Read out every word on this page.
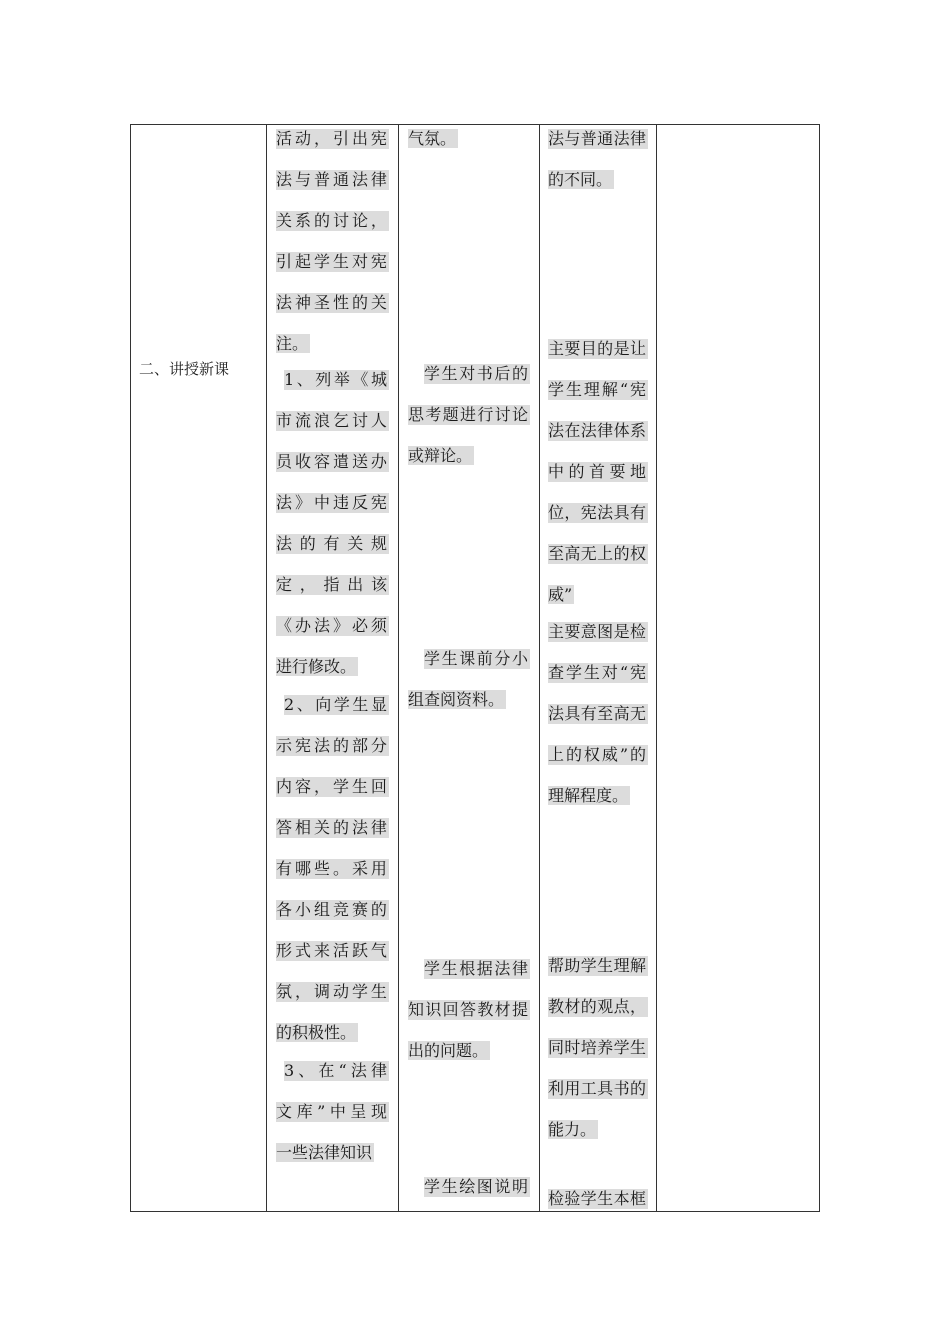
二、讲授新课
活 动 ， 引 出 宪
法 与 普 通 法 律
关 系 的 讨 论 ，
引 起 学 生 对 宪
法 神 圣 性 的 关
注。
1 、 列 举 《 城
市 流 浪 乞 讨 人
员 收 容 遣 送 办
法 》 中 违 反 宪
法 的 有 关 规
定 ， 指 出 该
《 办 法 》 必 须
进行修改。
2 、 向 学 生 显
示 宪 法 的 部 分
内 容 ， 学 生 回
答 相 关 的 法 律
有 哪 些 。 采 用
各 小 组 竞 赛 的
形 式 来 活 跃 气
氛 ， 调 动 学 生
的积极性。
3 、 在 “ 法 律
文 库 ” 中 呈 现
一些法律知识
气氛。
学 生 对 书 后 的
思 考 题 进 行 讨 论
或辩论。
学 生 课 前 分 小
组查阅资料。
学 生 根 据 法 律
知 识 回 答 教 材 提
出的问题。
学 生 绘 图 说 明
法 与 普 通 法 律
的不同。
主 要 目 的 是 让
学 生 理 解 “ 宪
法 在 法 律 体 系
中 的 首 要 地
位 ， 宪 法 具 有
至 高 无 上 的 权
威”
主 要 意 图 是 检
查 学 生 对 “ 宪
法 具 有 至 高 无
上 的 权 威 ” 的
理解程度。
帮 助 学 生 理 解
教 材 的 观 点 ，
同 时 培 养 学 生
利 用 工 具 书 的
能力。
检 验 学 生 本 框
